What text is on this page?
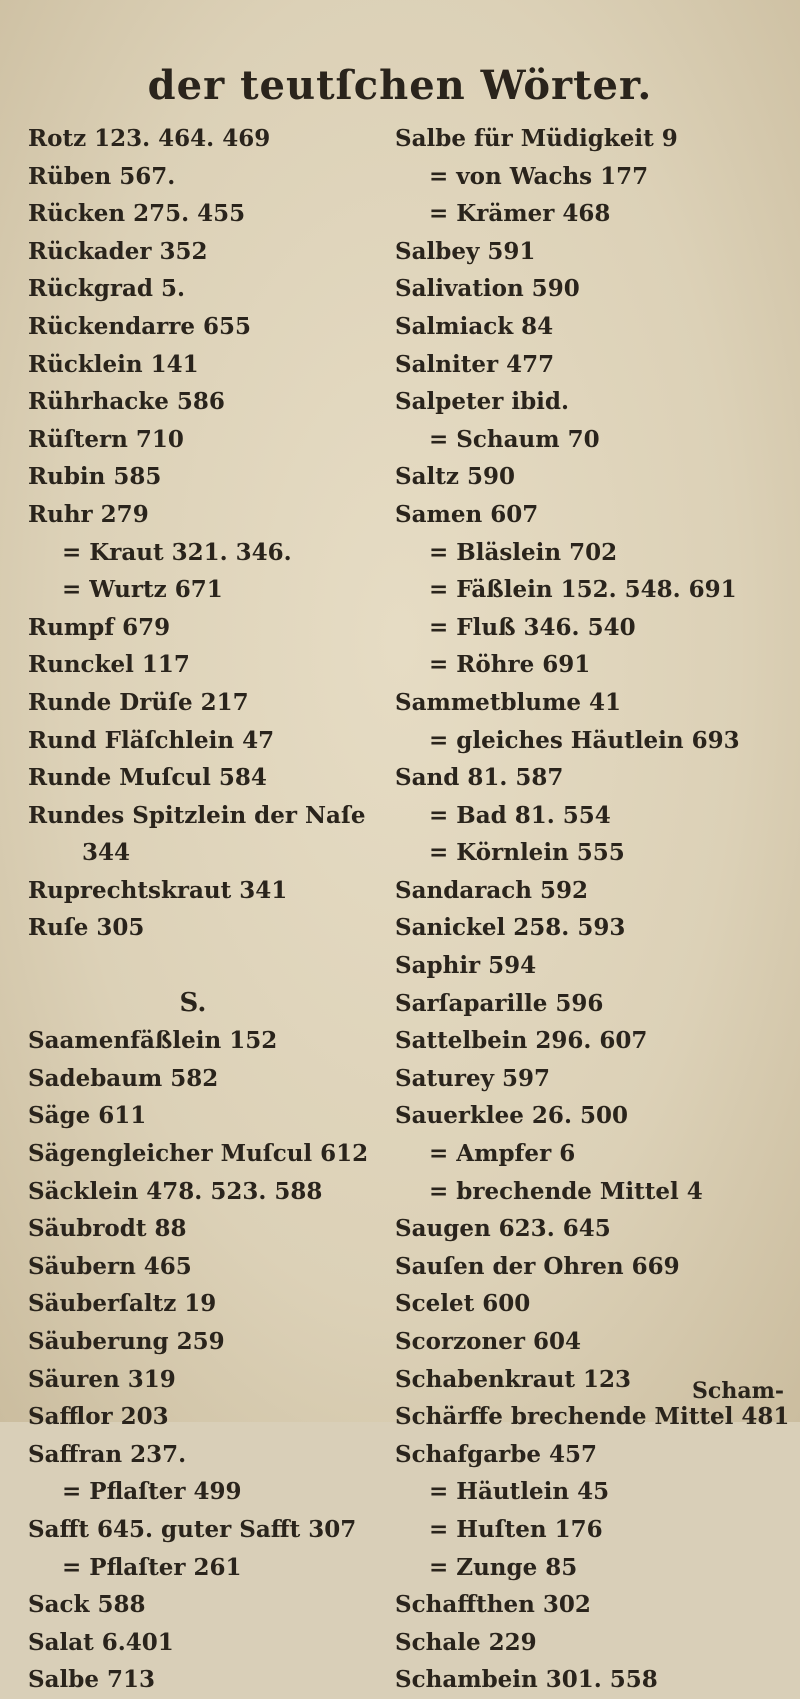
der teutſchen Wörter.
Rotz 123. 464. 469
Rüben 567.
Rücken 275. 455
Rückader 352
Rückgrad 5.
Rückendarre 655
Rücklein 141
Rührhacke 586
Rüſtern 710
Rubin 585
Ruhr 279
= Kraut 321. 346.
= Wurtz 671
Rumpf 679
Runckel 117
Runde Drüſe 217
Rund Fläſchlein 47
Runde Muſcul 584
Rundes Spitzlein der Naſe
344
Ruprechtskraut 341
Ruſe 305
S.
Saamenfäßlein 152
Sadebaum 582
Säge 611
Sägengleicher Muſcul 612
Säcklein 478. 523. 588
Säubrodt 88
Säubern 465
Säuberſaltz 19
Säuberung 259
Säuren 319
Safflor 203
Saffran 237.
= Pflaſter 499
Safft 645. guter Safft 307
= Pflaſter 261
Sack 588
Salat 6.401
Salbe 713
Salbe für Müdigkeit 9
= von Wachs 177
= Krämer 468
Salbey 591
Salivation 590
Salmiack 84
Salniter 477
Salpeter ibid.
= Schaum 70
Saltz 590
Samen 607
= Bläslein 702
= Fäßlein 152. 548. 691
= Fluß 346. 540
= Röhre 691
Sammetblume 41
= gleiches Häutlein 693
Sand 81. 587
= Bad 81. 554
= Körnlein 555
Sandarach 592
Sanickel 258. 593
Saphir 594
Sarſaparille 596
Sattelbein 296. 607
Saturey 597
Sauerklee 26. 500
= Ampfer 6
= brechende Mittel 4
Saugen 623. 645
Sauſen der Ohren 669
Scelet 600
Scorzoner 604
Schabenkraut 123
Schärffe brechende Mittel 481
Schafgarbe 457
= Häutlein 45
= Huſten 176
= Zunge 85
Schaffthen 302
Schale 229
Schambein 301. 558
Scham-
